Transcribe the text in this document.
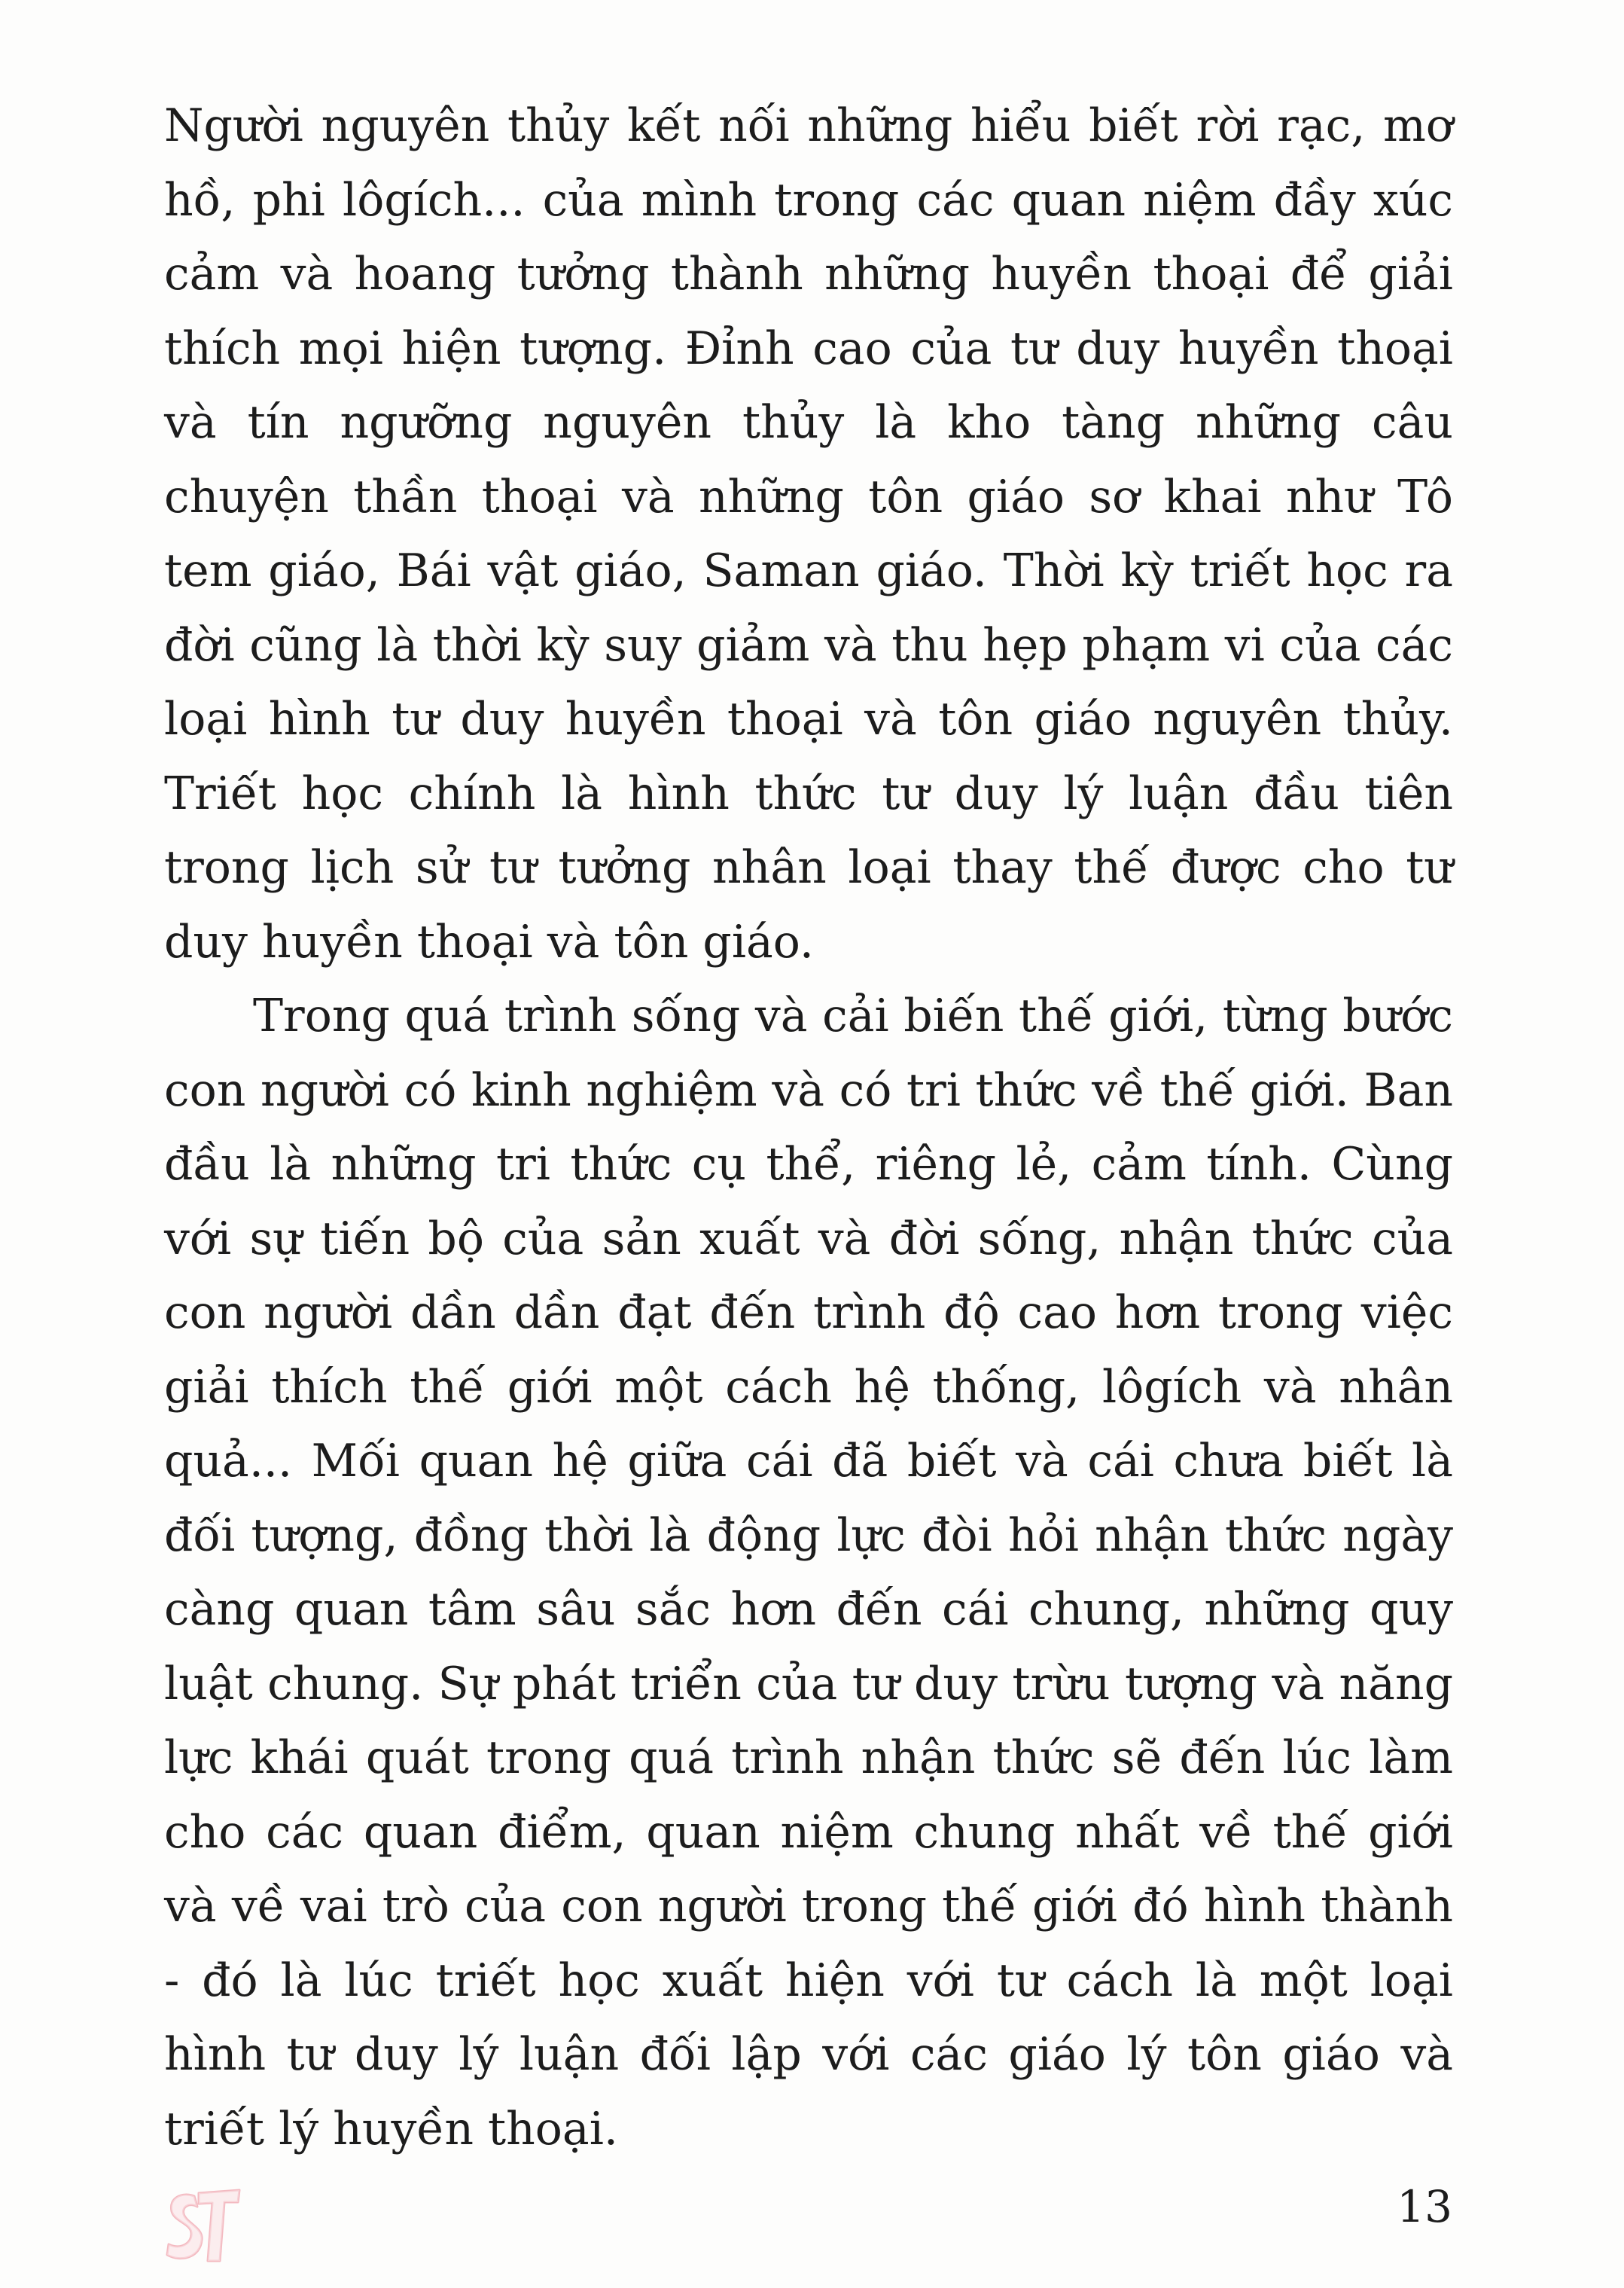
Người nguyên thủy kết nối những hiểu biết rời rạc, mơ hồ, phi lôgích... của mình trong các quan niệm đầy xúc cảm và hoang tưởng thành những huyền thoại để giải thích mọi hiện tượng. Đỉnh cao của tư duy huyền thoại và tín ngưỡng nguyên thủy là kho tàng những câu chuyện thần thoại và những tôn giáo sơ khai như Tô tem giáo, Bái vật giáo, Saman giáo. Thời kỳ triết học ra đời cũng là thời kỳ suy giảm và thu hẹp phạm vi của các loại hình tư duy huyền thoại và tôn giáo nguyên thủy. Triết học chính là hình thức tư duy lý luận đầu tiên trong lịch sử tư tưởng nhân loại thay thế được cho tư duy huyền thoại và tôn giáo.

Trong quá trình sống và cải biến thế giới, từng bước con người có kinh nghiệm và có tri thức về thế giới. Ban đầu là những tri thức cụ thể, riêng lẻ, cảm tính. Cùng với sự tiến bộ của sản xuất và đời sống, nhận thức của con người dần dần đạt đến trình độ cao hơn trong việc giải thích thế giới một cách hệ thống, lôgích và nhân quả... Mối quan hệ giữa cái đã biết và cái chưa biết là đối tượng, đồng thời là động lực đòi hỏi nhận thức ngày càng quan tâm sâu sắc hơn đến cái chung, những quy luật chung. Sự phát triển của tư duy trừu tượng và năng lực khái quát trong quá trình nhận thức sẽ đến lúc làm cho các quan điểm, quan niệm chung nhất về thế giới và về vai trò của con người trong thế giới đó hình thành - đó là lúc triết học xuất hiện với tư cách là một loại hình tư duy lý luận đối lập với các giáo lý tôn giáo và triết lý huyền thoại.

13
